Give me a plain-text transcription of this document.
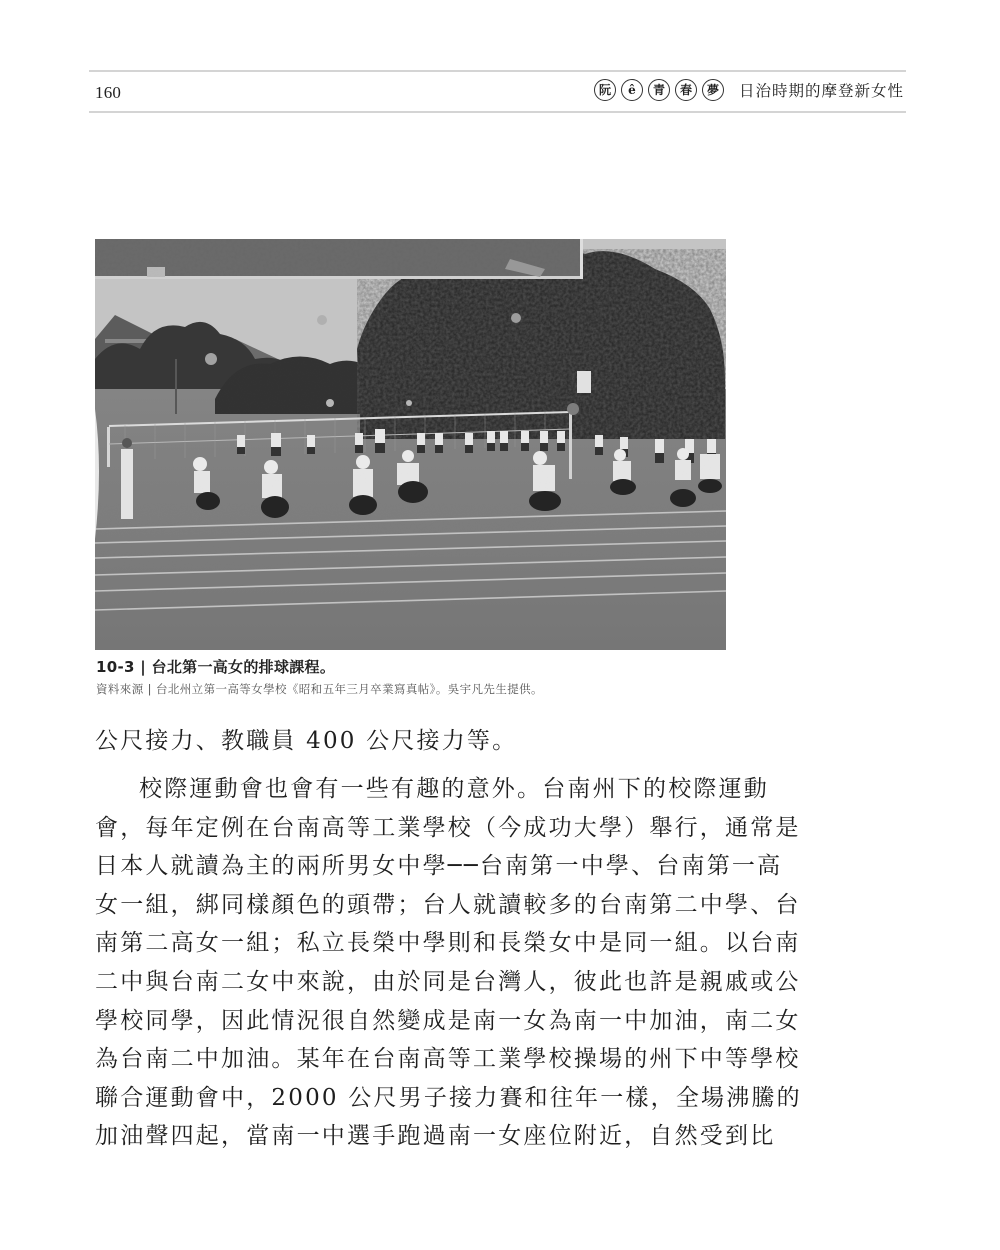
160	阮	ê	青	春	夢	日治時期的摩登新女性
10-3 | 台北第一高女的排球課程。
資料來源 | 台北州立第一高等女學校《昭和五年三月卒業寫真帖》。吳宇凡先生提供。
公尺接力、教職員 400 公尺接力等。
校際運動會也會有一些有趣的意外。台南州下的校際運動
會，每年定例在台南高等工業學校（今成功大學）舉行，通常是
日本人就讀為主的兩所男女中學──台南第一中學、台南第一高
女一組，綁同樣顏色的頭帶；台人就讀較多的台南第二中學、台
南第二高女一組；私立長榮中學則和長榮女中是同一組。以台南
二中與台南二女中來說，由於同是台灣人，彼此也許是親戚或公
學校同學，因此情況很自然變成是南一女為南一中加油，南二女
為台南二中加油。某年在台南高等工業學校操場的州下中等學校
聯合運動會中，2000 公尺男子接力賽和往年一樣，全場沸騰的
加油聲四起，當南一中選手跑過南一女座位附近，自然受到比
